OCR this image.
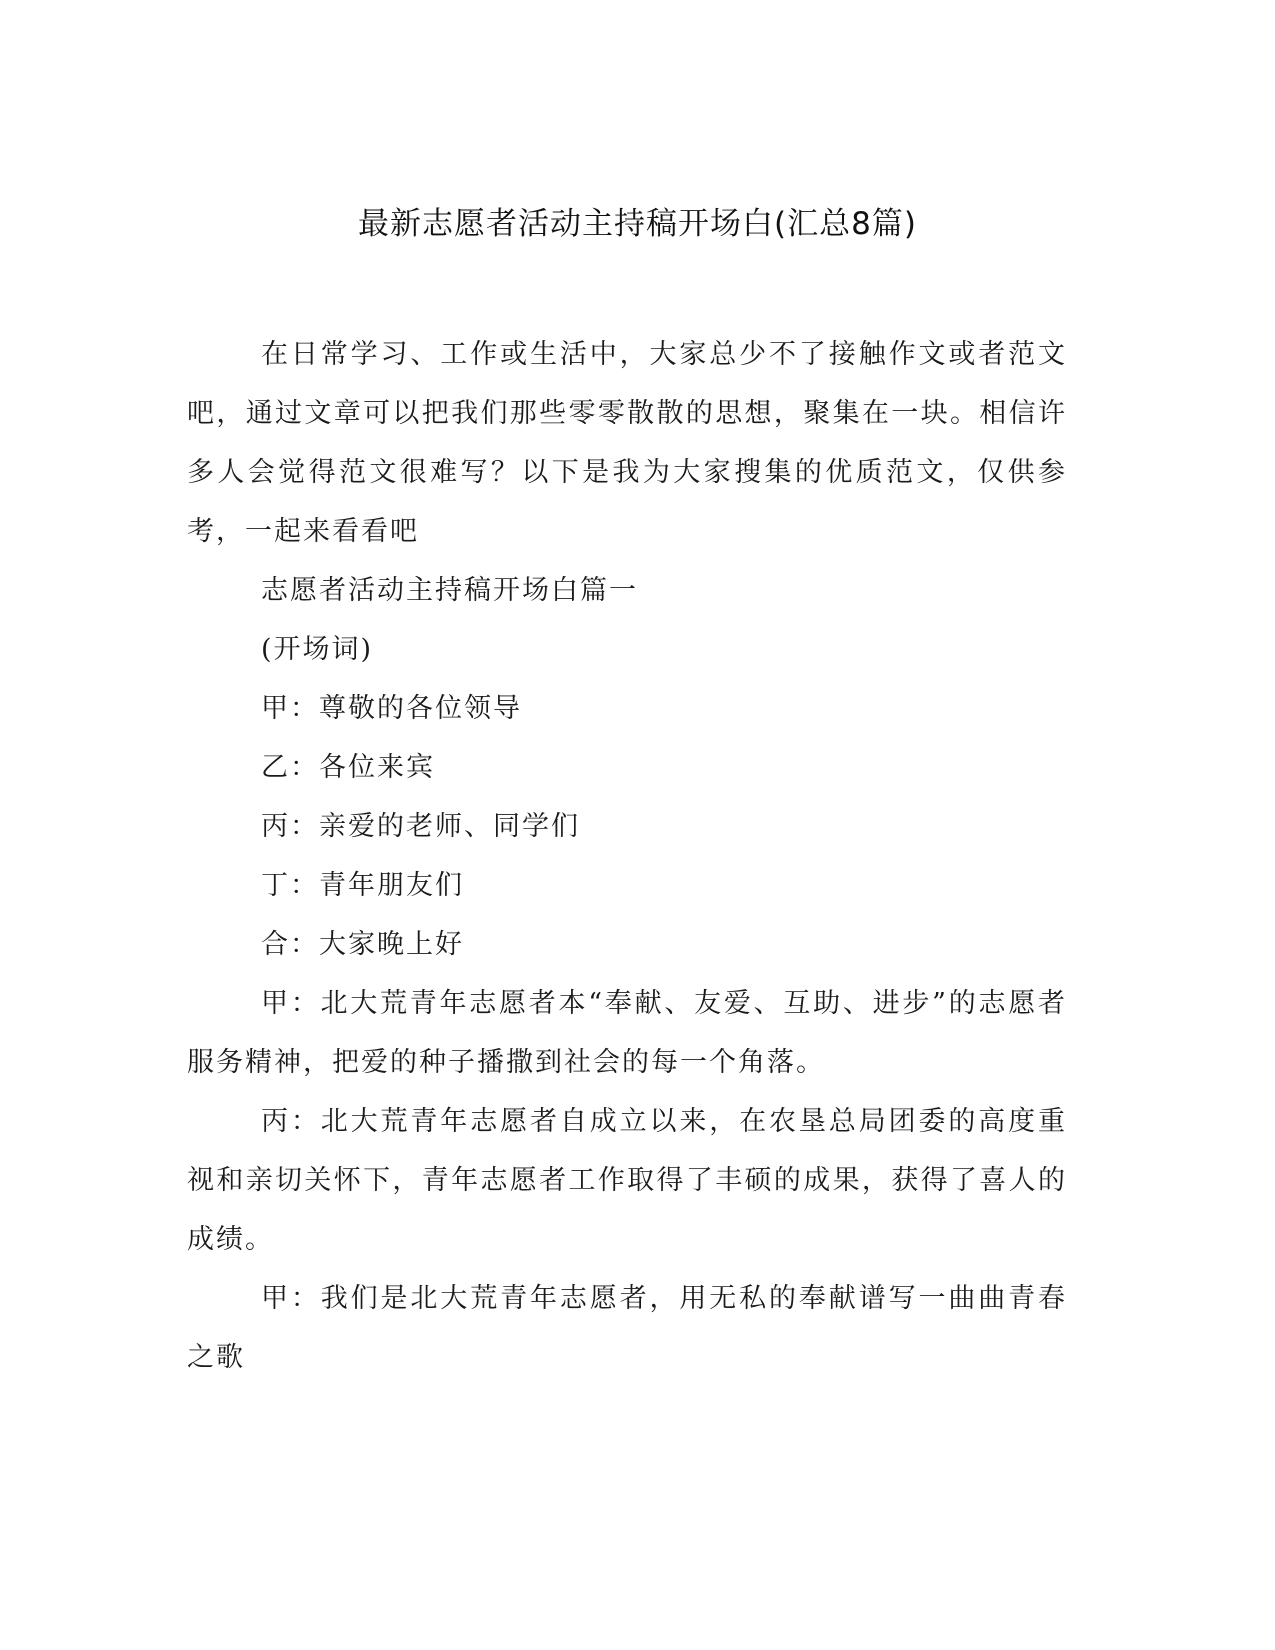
最新志愿者活动主持稿开场白(汇总8篇)

在日常学习、工作或生活中，大家总少不了接触作文或者范文吧，通过文章可以把我们那些零零散散的思想，聚集在一块。相信许多人会觉得范文很难写？以下是我为大家搜集的优质范文，仅供参考，一起来看看吧

志愿者活动主持稿开场白篇一

(开场词)

甲：尊敬的各位领导

乙：各位来宾

丙：亲爱的老师、同学们

丁：青年朋友们

合：大家晚上好

甲：北大荒青年志愿者本“奉献、友爱、互助、进步”的志愿者服务精神，把爱的种子播撒到社会的每一个角落。

丙：北大荒青年志愿者自成立以来，在农垦总局团委的高度重视和亲切关怀下，青年志愿者工作取得了丰硕的成果，获得了喜人的成绩。

甲：我们是北大荒青年志愿者，用无私的奉献谱写一曲曲青春之歌
